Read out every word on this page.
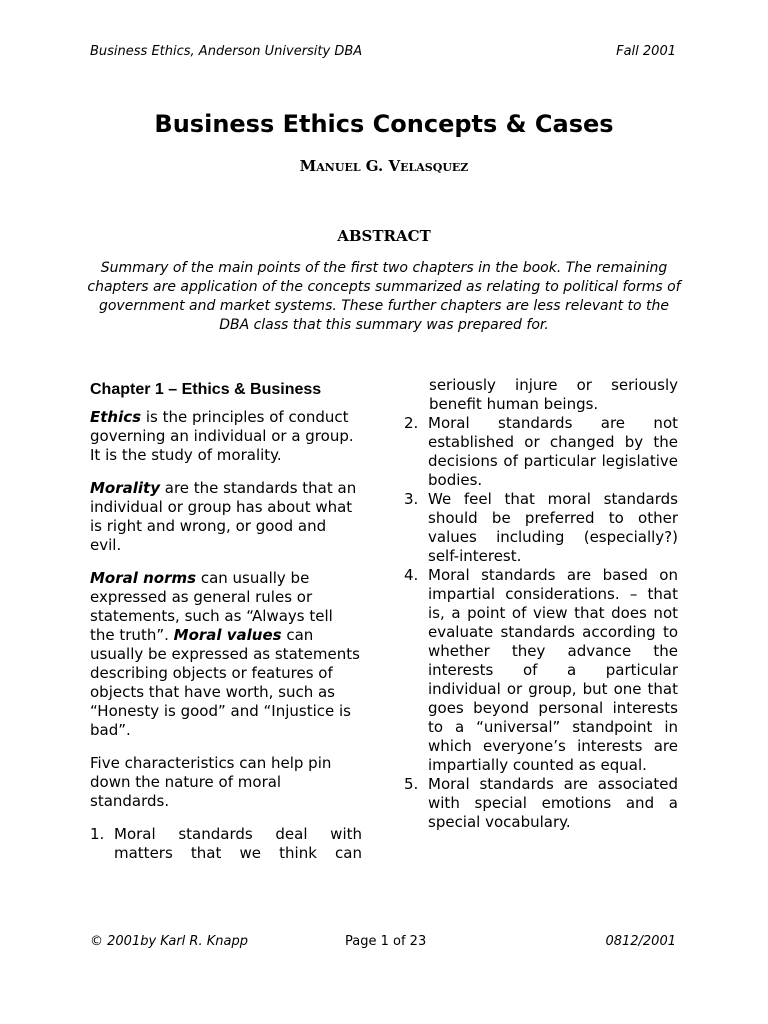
Business Ethics, Anderson University DBA	Fall 2001
Business Ethics Concepts & Cases
Manuel G. Velasquez
ABSTRACT

Summary of the main points of the first two chapters in the book. The remaining chapters are application of the concepts summarized as relating to political forms of government and market systems. These further chapters are less relevant to the DBA class that this summary was prepared for.

Chapter 1 – Ethics & Business

Ethics is the principles of conduct governing an individual or a group. It is the study of morality.

Morality are the standards that an individual or group has about what is right and wrong, or good and evil.

Moral norms can usually be expressed as general rules or statements, such as “Always tell the truth”. Moral values can usually be expressed as statements describing objects or features of objects that have worth, such as “Honesty is good” and “Injustice is bad”.

Five characteristics can help pin down the nature of moral standards.

1. Moral standards deal with matters that we think can

seriously injure or seriously benefit human beings.

2. Moral standards are not established or changed by the decisions of particular legislative bodies.
3. We feel that moral standards should be preferred to other values including (especially?) self-interest.
4. Moral standards are based on impartial considerations. – that is, a point of view that does not evaluate standards according to whether they advance the interests of a particular individual or group, but one that goes beyond personal interests to a “universal” standpoint in which everyone’s interests are impartially counted as equal.
5. Moral standards are associated with special emotions and a special vocabulary.
© 2001by Karl R. Knapp	Page 1 of 23	0812/2001
